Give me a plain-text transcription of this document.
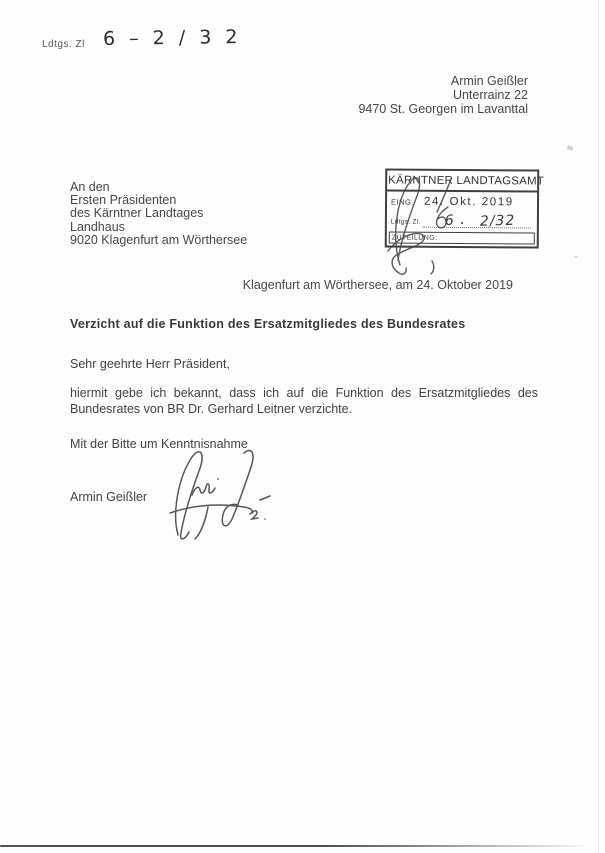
Ldtgs. Zl 6 – 2 / 3 2
Armin Geißler
Unterrainz 22
9470 St. Georgen im Lavanttal
An den
Ersten Präsidenten
des Kärntner Landtages
Landhaus
9020 Klagenfurt am Wörthersee
KÄRNTNER LANDTAGSAMT
EING. 24. Okt. 2019
Ldtgs. Zl. 6 2/32
ZUTEILUNG:
Klagenfurt am Wörthersee, am 24. Oktober 2019
Verzicht auf die Funktion des Ersatzmitgliedes des Bundesrates
Sehr geehrte Herr Präsident,

hiermit gebe ich bekannt, dass ich auf die Funktion des Ersatzmitgliedes des Bundesrates von BR Dr. Gerhard Leitner verzichte.

Mit der Bitte um Kenntnisnahme
Armin Geißler
